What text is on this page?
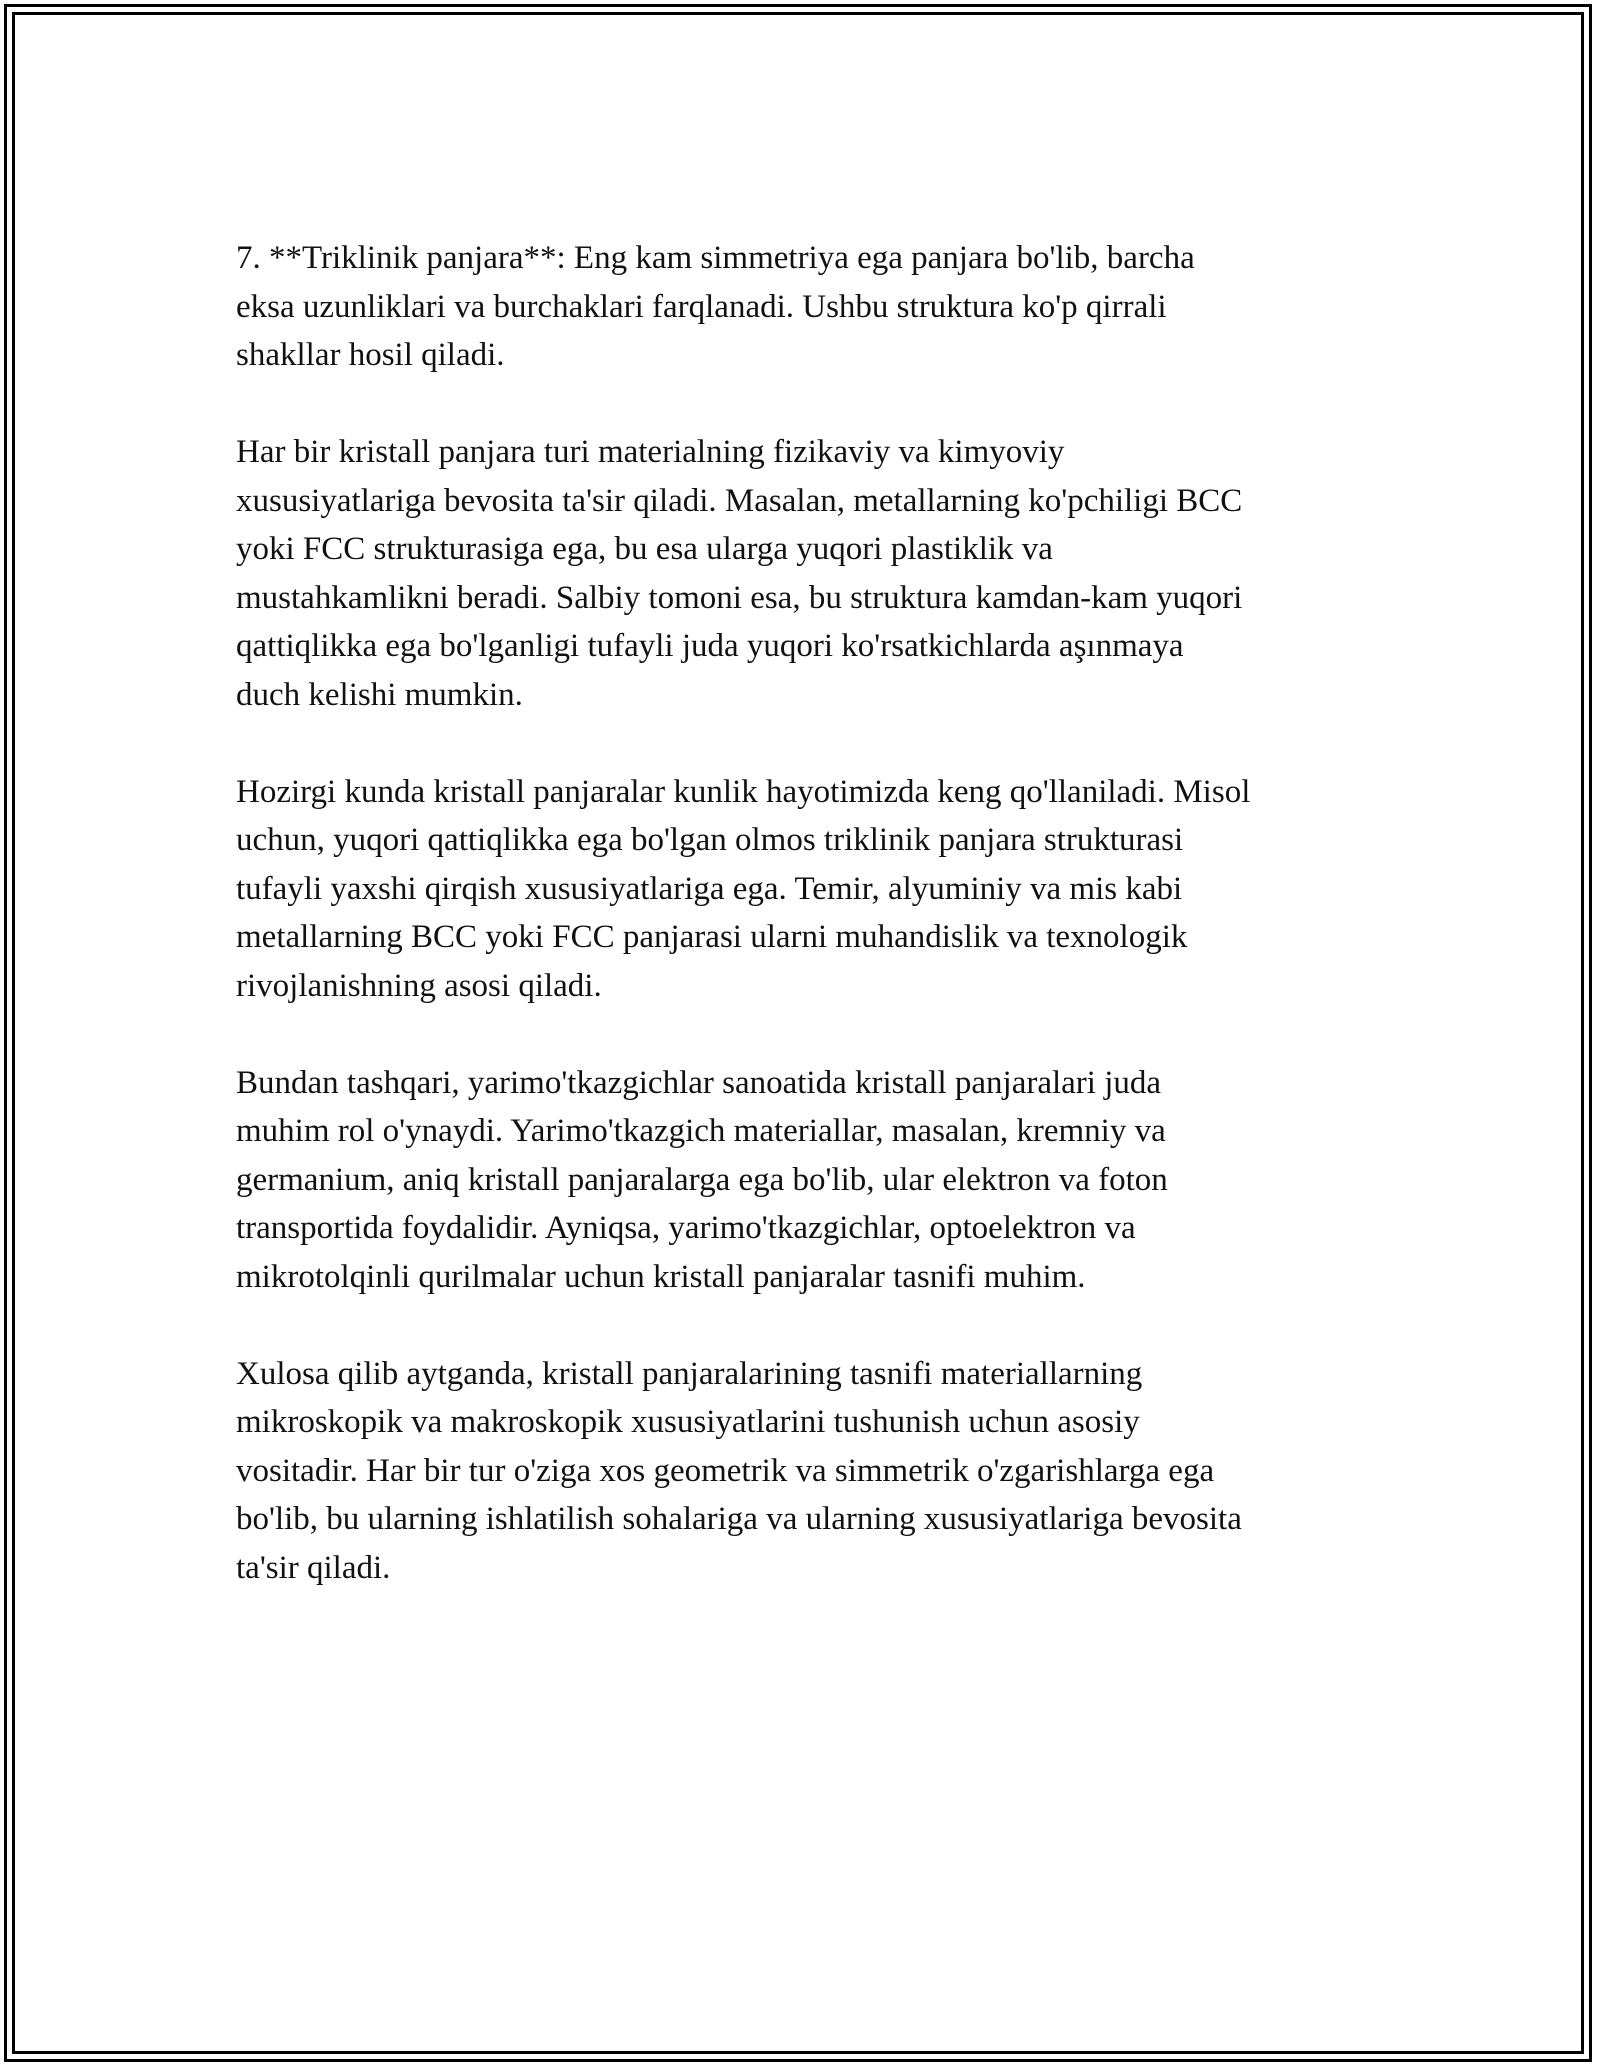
7. **Triklinik panjara**: Eng kam simmetriya ega panjara bo'lib, barcha
eksa uzunliklari va burchaklari farqlanadi. Ushbu struktura ko'p qirrali
shakllar hosil qiladi.

Har bir kristall panjara turi materialning fizikaviy va kimyoviy
xususiyatlariga bevosita ta'sir qiladi. Masalan, metallarning ko'pchiligi BCC
yoki FCC strukturasiga ega, bu esa ularga yuqori plastiklik va
mustahkamlikni beradi. Salbiy tomoni esa, bu struktura kamdan-kam yuqori
qattiqlikka ega bo'lganligi tufayli juda yuqori ko'rsatkichlarda aşınmaya
duch kelishi mumkin.

Hozirgi kunda kristall panjaralar kunlik hayotimizda keng qo'llaniladi. Misol
uchun, yuqori qattiqlikka ega bo'lgan olmos triklinik panjara strukturasi
tufayli yaxshi qirqish xususiyatlariga ega. Temir, alyuminiy va mis kabi
metallarning BCC yoki FCC panjarasi ularni muhandislik va texnologik
rivojlanishning asosi qiladi.

Bundan tashqari, yarimo'tkazgichlar sanoatida kristall panjaralari juda
muhim rol o'ynaydi. Yarimo'tkazgich materiallar, masalan, kremniy va
germanium, aniq kristall panjaralarga ega bo'lib, ular elektron va foton
transportida foydalidir. Ayniqsa, yarimo'tkazgichlar, optoelektron va
mikrotolqinli qurilmalar uchun kristall panjaralar tasnifi muhim.

Xulosa qilib aytganda, kristall panjaralarining tasnifi materiallarning
mikroskopik va makroskopik xususiyatlarini tushunish uchun asosiy
vositadir. Har bir tur o'ziga xos geometrik va simmetrik o'zgarishlarga ega
bo'lib, bu ularning ishlatilish sohalariga va ularning xususiyatlariga bevosita
ta'sir qiladi.
